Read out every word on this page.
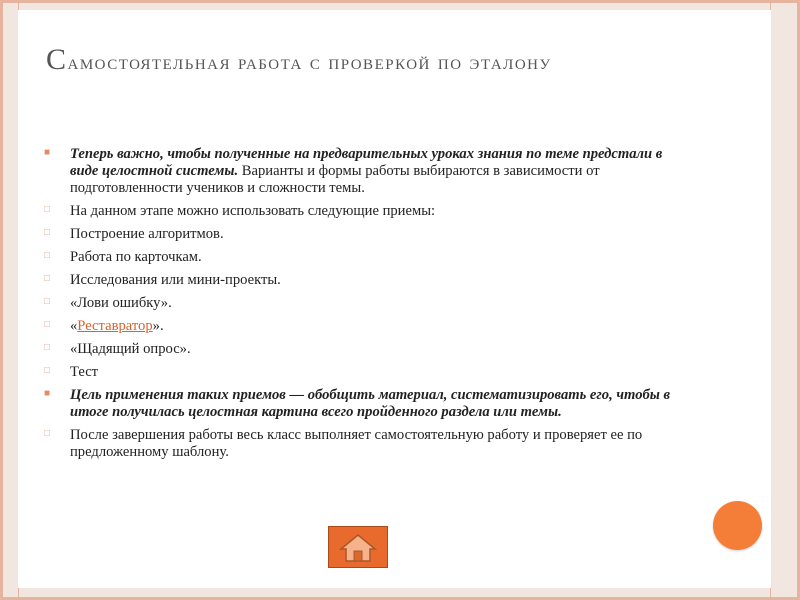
Самостоятельная работа с проверкой по эталону
■ Теперь важно, чтобы полученные на предварительных уроках знания по теме предстали в виде целостной системы. Варианты и формы работы выбираются в зависимости от подготовленности учеников и сложности темы.
□ На данном этапе можно использовать следующие приемы:
□ Построение алгоритмов.
□ Работа по карточкам.
□ Исследования или мини-проекты.
□ «Лови ошибку».
□ «Реставратор».
□ «Щадящий опрос».
□ Тест
■ Цель применения таких приемов — обобщить материал, систематизировать его, чтобы в итоге получилась целостная картина всего пройденного раздела или темы.
□ После завершения работы весь класс выполняет самостоятельную работу и проверяет ее по предложенному шаблону.
